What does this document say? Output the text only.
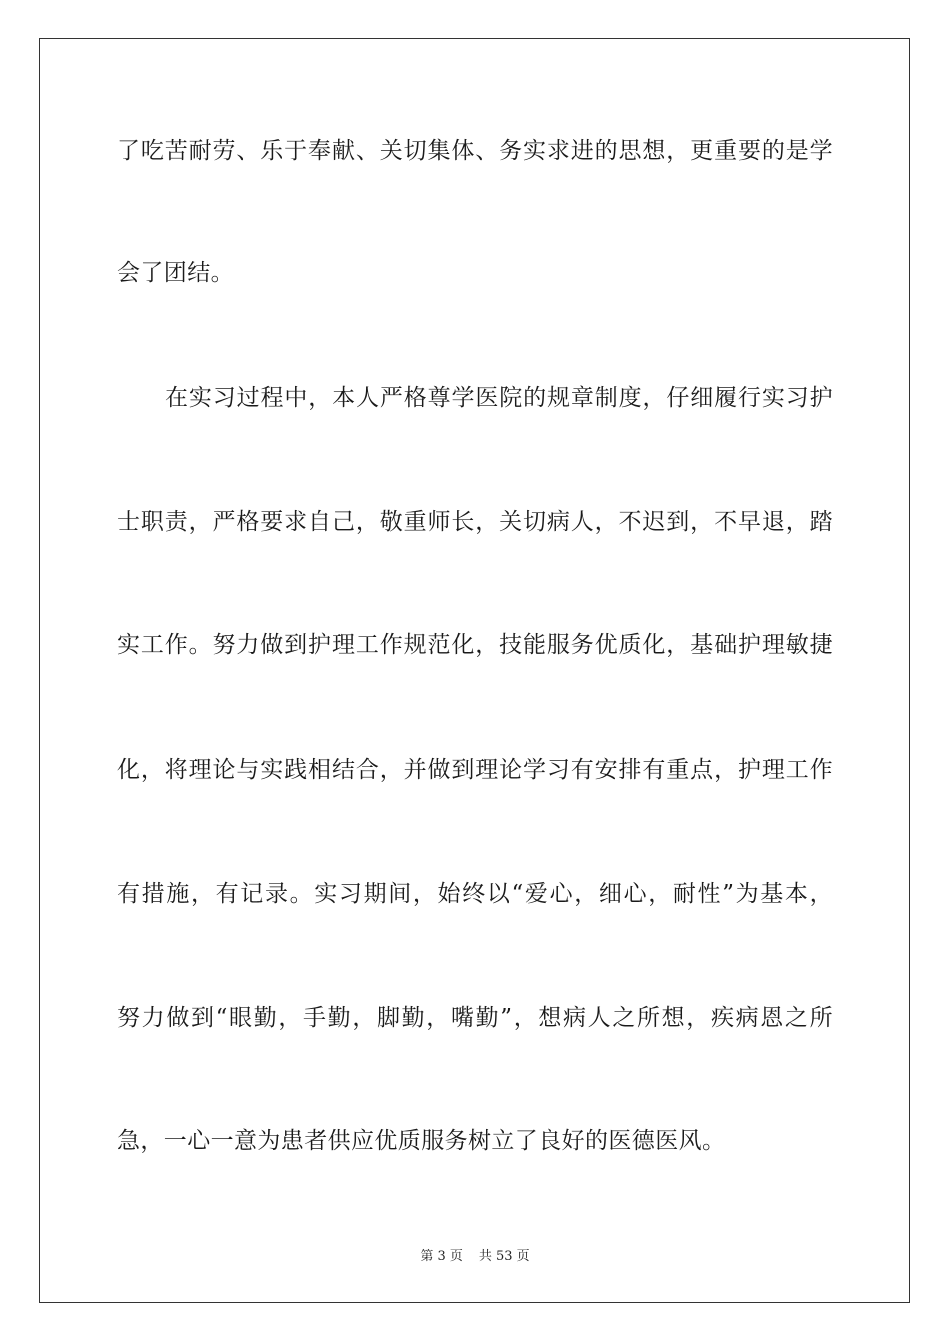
了吃苦耐劳、乐于奉献、关切集体、务实求进的思想，更重要的是学
会了团结。
在实习过程中，本人严格尊学医院的规章制度，仔细履行实习护
士职责，严格要求自己，敬重师长，关切病人，不迟到，不早退，踏
实工作。努力做到护理工作规范化，技能服务优质化，基础护理敏捷
化，将理论与实践相结合，并做到理论学习有安排有重点，护理工作
有措施，有记录。实习期间，始终以“爱心，细心，耐性”为基本，
努力做到“眼勤，手勤，脚勤，嘴勤”，想病人之所想，疾病恩之所
急，一心一意为患者供应优质服务树立了良好的医德医风。
第 3 页 共 53 页
